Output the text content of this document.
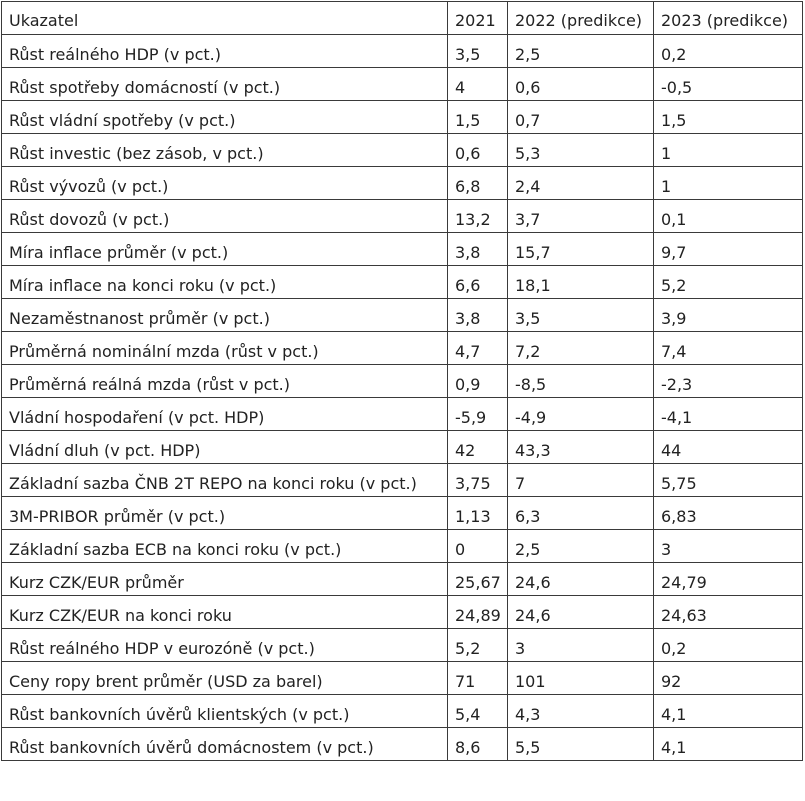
Ukazatel	2021	2022 (predikce)	2023 (predikce)
Růst reálného HDP (v pct.)	3,5	2,5	0,2
Růst spotřeby domácností (v pct.)	4	0,6	-0,5
Růst vládní spotřeby (v pct.)	1,5	0,7	1,5
Růst investic (bez zásob, v pct.)	0,6	5,3	1
Růst vývozů (v pct.)	6,8	2,4	1
Růst dovozů (v pct.)	13,2	3,7	0,1
Míra inflace průměr (v pct.)	3,8	15,7	9,7
Míra inflace na konci roku (v pct.)	6,6	18,1	5,2
Nezaměstnanost průměr (v pct.)	3,8	3,5	3,9
Průměrná nominální mzda (růst v pct.)	4,7	7,2	7,4
Průměrná reálná mzda (růst v pct.)	0,9	-8,5	-2,3
Vládní hospodaření (v pct. HDP)	-5,9	-4,9	-4,1
Vládní dluh (v pct. HDP)	42	43,3	44
Základní sazba ČNB 2T REPO na konci roku (v pct.)	3,75	7	5,75
3M-PRIBOR průměr (v pct.)	1,13	6,3	6,83
Základní sazba ECB na konci roku (v pct.)	0	2,5	3
Kurz CZK/EUR průměr	25,67	24,6	24,79
Kurz CZK/EUR na konci roku	24,89	24,6	24,63
Růst reálného HDP v eurozóně (v pct.)	5,2	3	0,2
Ceny ropy brent průměr (USD za barel)	71	101	92
Růst bankovních úvěrů klientských (v pct.)	5,4	4,3	4,1
Růst bankovních úvěrů domácnostem (v pct.)	8,6	5,5	4,1
